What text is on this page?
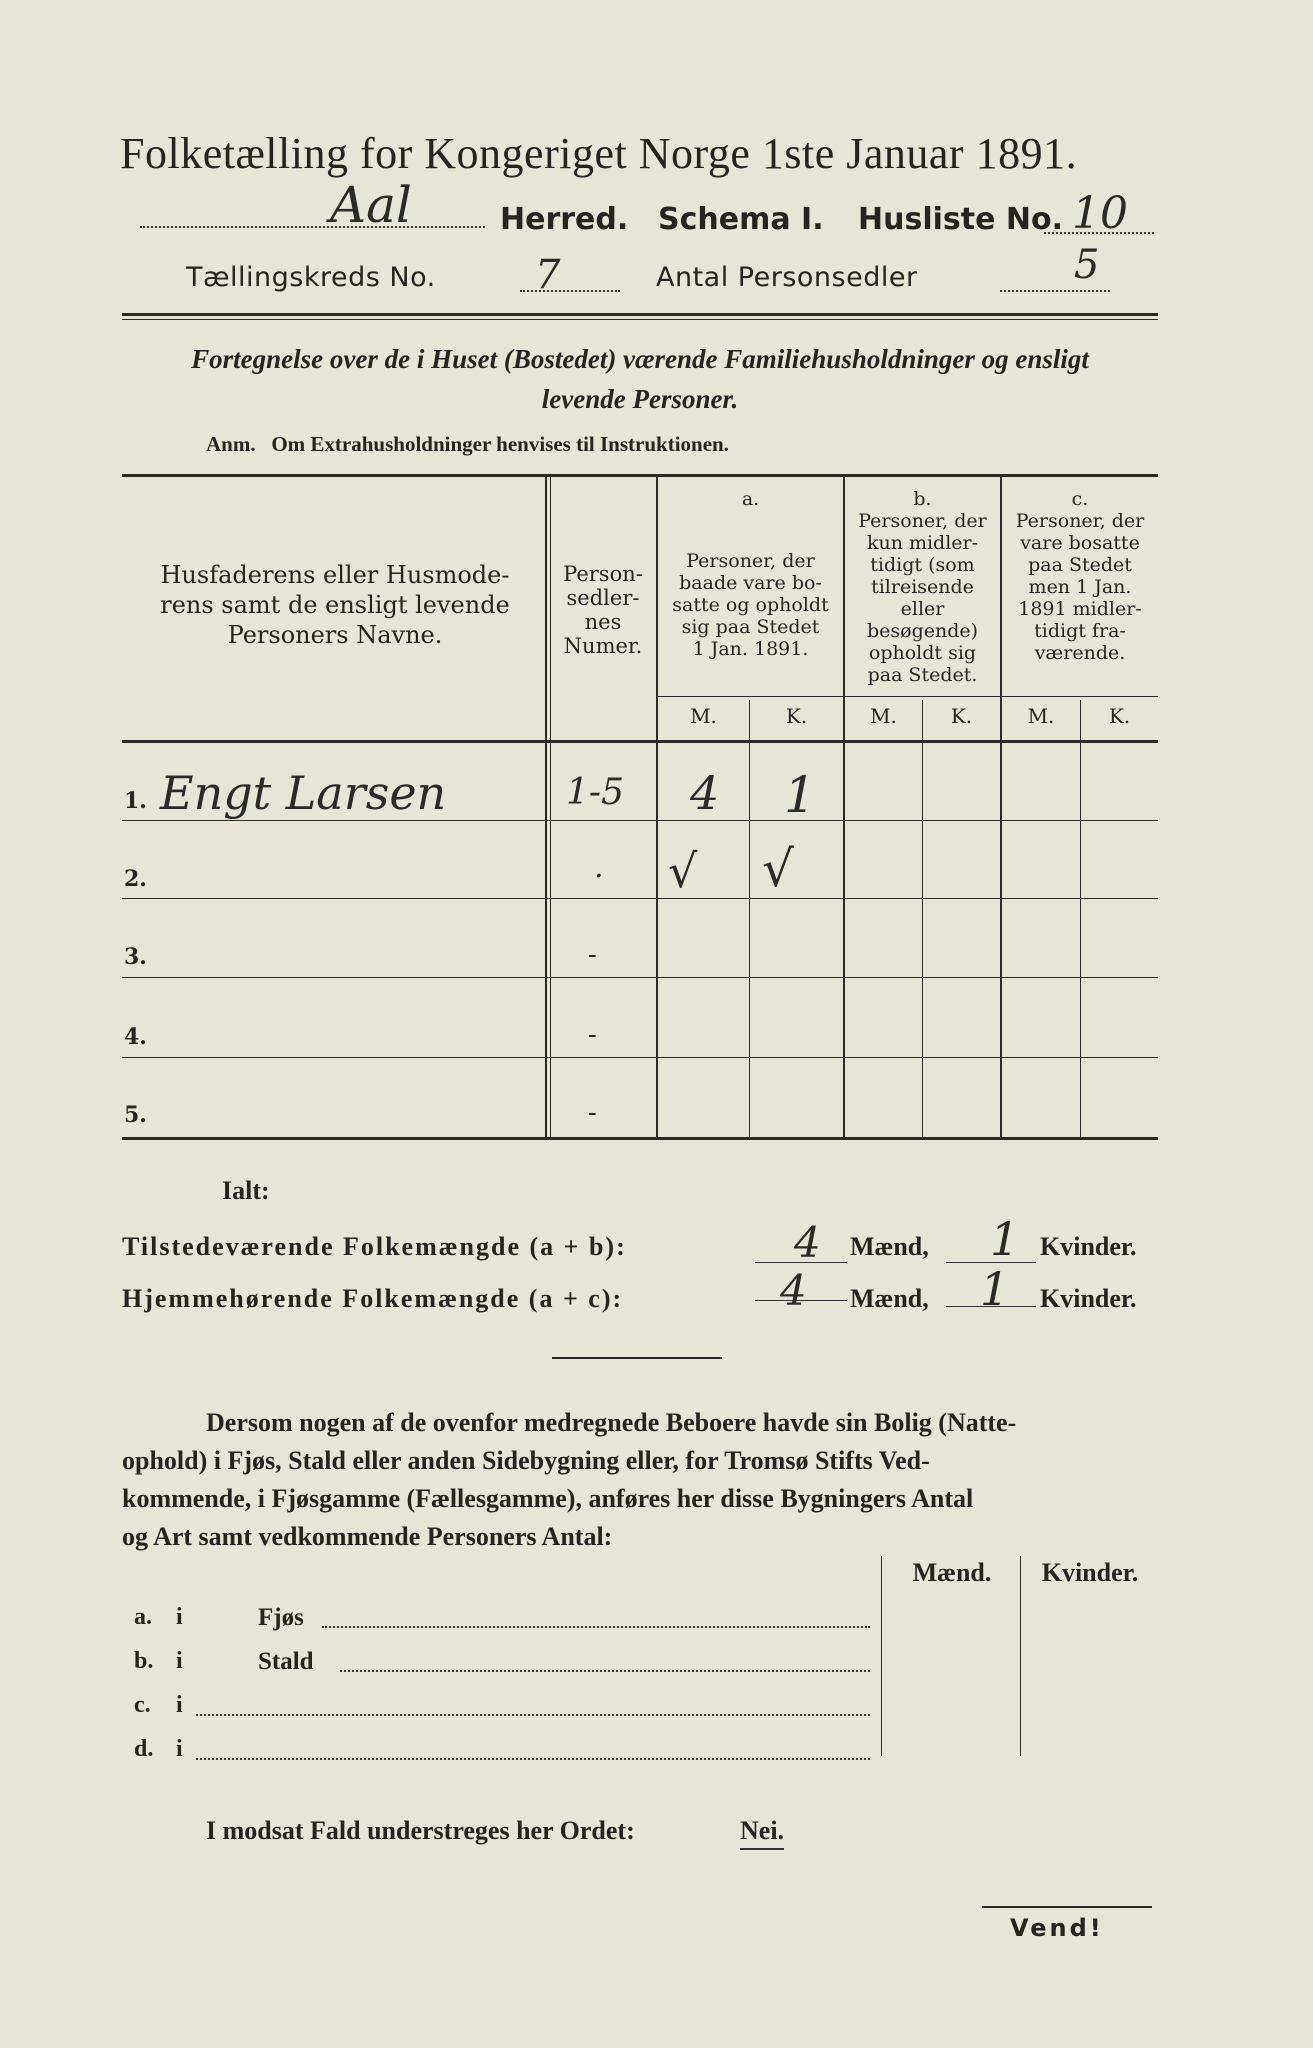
Folketælling for Kongeriget Norge 1ste Januar 1891.
Aal	Herred. Schema I. Husliste No. 10
Tællingskreds No. 7	Antal Personsedler	5
Fortegnelse over de i Huset (Bostedet) værende Familiehusholdninger og ensligt
levende Personer.
Anm.   Om Extrahusholdninger henvises til Instruktionen.
Husfaderens eller Husmode-
rens samt de ensligt levende
Personers Navne.
Person-
sedler-
nes
Numer.
a.
Personer, der
baade vare bo-
satte og opholdt
sig paa Stedet
1 Jan. 1891.
b.
Personer, der
kun midler-
tidigt (som
tilreisende
eller
besøgende)
opholdt sig
paa Stedet.
c.
Personer, der
vare bosatte
paa Stedet
men 1 Jan.
1891 midler-
tidigt fra-
værende.
M.	K.	M.	K.	M.	K.
1. Engt Larsen	1-5 4 1
2.	. √ √
3.	-
4.	-
5.	-
Ialt:
Tilstedeværende Folkemængde (a + b):	4 Mænd, 1 Kvinder.
Hjemmehørende Folkemængde (a + c):	4 Mænd, 1 Kvinder.
Dersom nogen af de ovenfor medregnede Beboere havde sin Bolig (Natte-
ophold) i Fjøs, Stald eller anden Sidebygning eller, for Tromsø Stifts Ved-
kommende, i Fjøsgamme (Fællesgamme), anføres her disse Bygningers Antal
og Art samt vedkommende Personers Antal:
Mænd.	Kvinder.
a. i	Fjøs
b. i	Stald
c. i
d. i
I modsat Fald understreges her Ordet:	Nei.
Vend!
